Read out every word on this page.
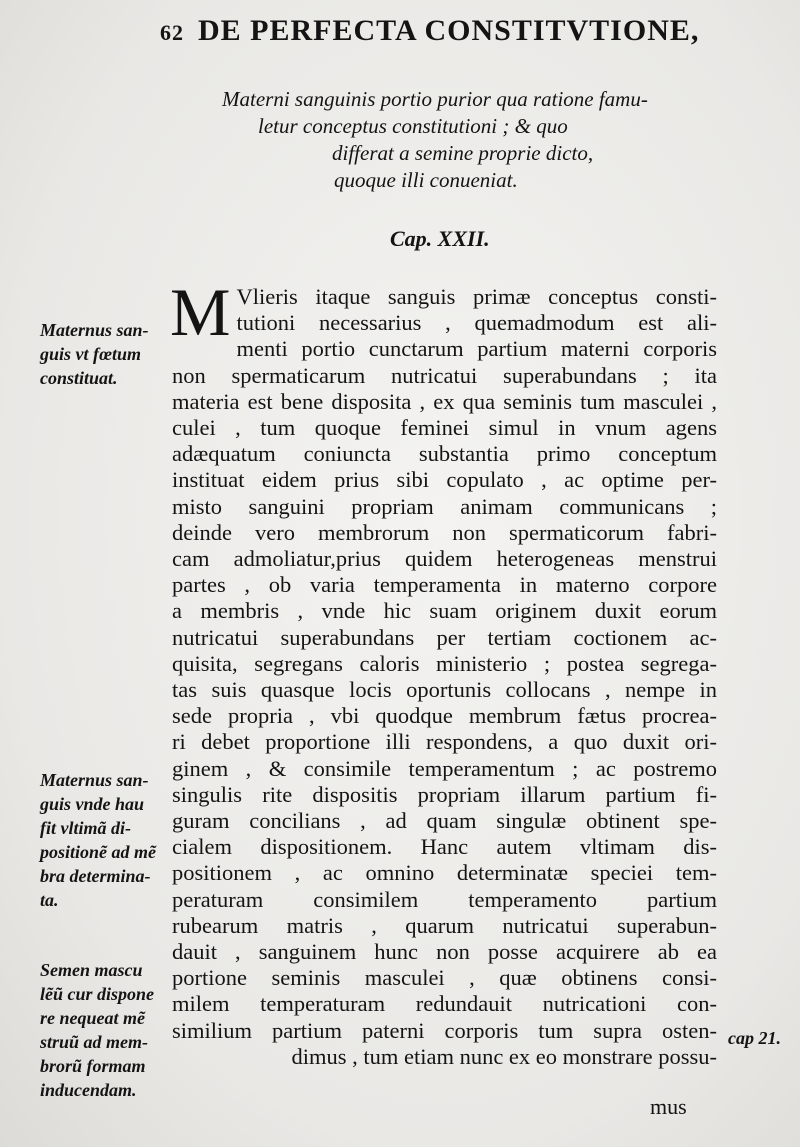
62 DE PERFECTA CONSTITVTIONE,
Materni sanguinis portio purior qua ratione famu-
letur conceptus constitutioni ; & quo
differat a semine proprie dicto,
quoque illi conueniat.
Cap. XXII.
M Vlieris itaque sanguis primæ conceptus consti-
tutioni necessarius , quemadmodum est ali-
menti portio cunctarum partium materni corporis
non spermaticarum nutricatui superabundans ; ita
materia est bene disposita , ex qua seminis tum masculei ,
culei , tum quoque feminei simul in vnum agens
adæquatum coniuncta substantia primo conceptum
instituat eidem prius sibi copulato , ac optime per-
misto sanguini propriam animam communicans ;
deinde vero membrorum non spermaticorum fabri-
cam admoliatur,prius quidem heterogeneas menstrui
partes , ob varia temperamenta in materno corpore
a membris , vnde hic suam originem duxit eorum
nutricatui superabundans per tertiam coctionem ac-
quisita, segregans caloris ministerio ; postea segrega-
tas suis quasque locis oportunis collocans , nempe in
sede propria , vbi quodque membrum fætus procrea-
ri debet proportione illi respondens, a quo duxit ori-
ginem , & consimile temperamentum ; ac postremo
singulis rite dispositis propriam illarum partium fi-
guram concilians , ad quam singulæ obtinent spe-
cialem dispositionem. Hanc autem vltimam dis-
positionem , ac omnino determinatæ speciei tem-
peraturam consimilem temperamento partium
rubearum matris , quarum nutricatui superabun-
dauit , sanguinem hunc non posse acquirere ab ea
portione seminis masculei , quæ obtinens consi-
milem temperaturam redundauit nutricationi con-
similium partium paterni corporis tum supra osten-
dimus , tum etiam nunc ex eo monstrare possu-
Maternus san-
guis vt fœtum
constituat.
Maternus san-
guis vnde hau
fit vltimã di-
positionẽ ad mẽ
bra determina-
ta.
Semen mascu
lẽũ cur dispone
re nequeat mẽ
struũ ad mem-
brorũ formam
inducendam.
cap 21.
mus
